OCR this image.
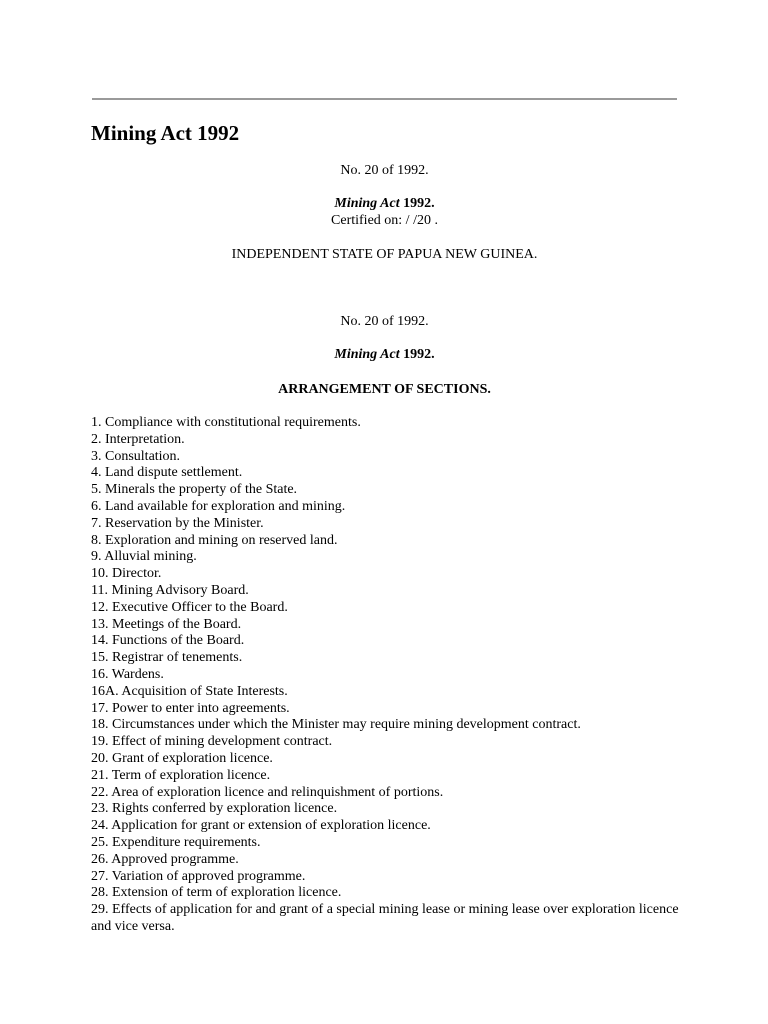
Mining Act 1992
No. 20 of 1992.
Mining Act 1992.
Certified on: / /20 .
INDEPENDENT STATE OF PAPUA NEW GUINEA.
No. 20 of 1992.
Mining Act 1992.
ARRANGEMENT OF SECTIONS.
1. Compliance with constitutional requirements.
2. Interpretation.
3. Consultation.
4. Land dispute settlement.
5. Minerals the property of the State.
6. Land available for exploration and mining.
7. Reservation by the Minister.
8. Exploration and mining on reserved land.
9. Alluvial mining.
10. Director.
11. Mining Advisory Board.
12. Executive Officer to the Board.
13. Meetings of the Board.
14. Functions of the Board.
15. Registrar of tenements.
16. Wardens.
16A. Acquisition of State Interests.
17. Power to enter into agreements.
18. Circumstances under which the Minister may require mining development contract.
19. Effect of mining development contract.
20. Grant of exploration licence.
21. Term of exploration licence.
22. Area of exploration licence and relinquishment of portions.
23. Rights conferred by exploration licence.
24. Application for grant or extension of exploration licence.
25. Expenditure requirements.
26. Approved programme.
27. Variation of approved programme.
28. Extension of term of exploration licence.
29. Effects of application for and grant of a special mining lease or mining lease over exploration licence and vice versa.
